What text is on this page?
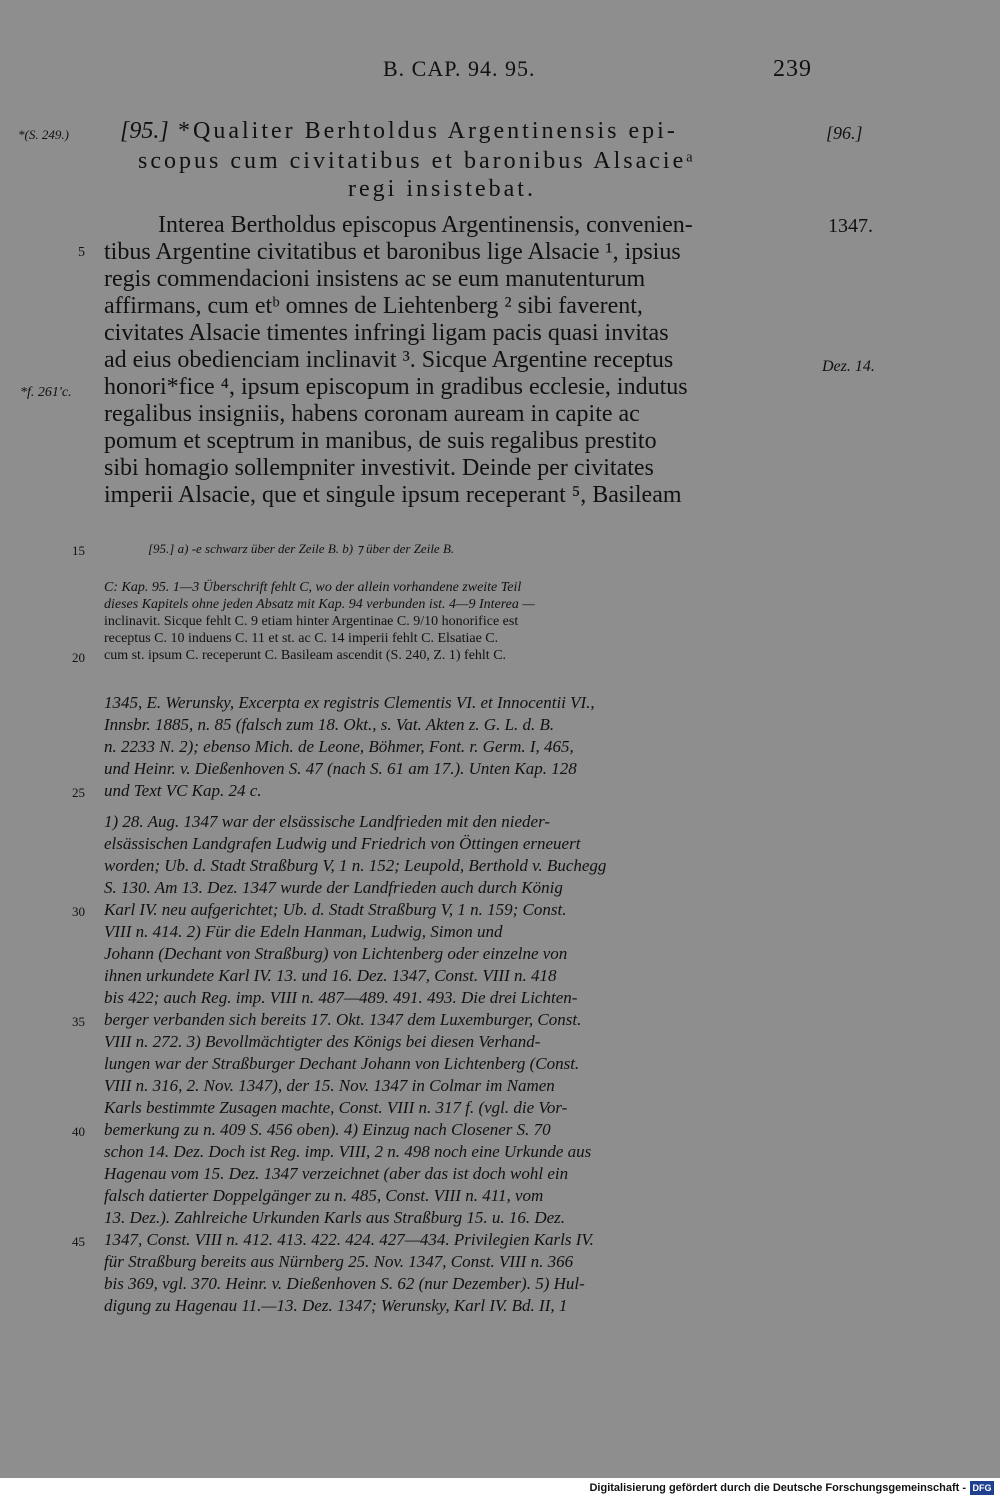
B. CAP. 94. 95.	239
*(S. 249.) [95.]	[96.]
1347.
Dez. 14.
*f. 261'c.
5
*Qualiter Berhtoldus Argentinensis epi-
scopus cum civitatibus et baronibus Alsacieᵃ
regi insistebat.
Interea Bertholdus episcopus Argentinensis, convenien-
tibus Argentine civitatibus et baronibus lige Alsacie ¹, ipsius
regis commendacioni insistens ac se eum manutenturum
affirmans, cum etᵇ omnes de Liehtenberg ² sibi faverent,
civitates Alsacie timentes infringi ligam pacis quasi invitas
ad eius obedienciam inclinavit ³. Sicque Argentine receptus
honori*fice ⁴, ipsum episcopum in gradibus ecclesie, indutus
regalibus insigniis, habens coronam auream in capite ac
pomum et sceptrum in manibus, de suis regalibus prestito
sibi homagio sollempniter investivit. Deinde per civitates
imperii Alsacie, que et singule ipsum receperant ⁵, Basileam
15	[95.] a) -e schwarz über der Zeile B. b) ⁊ über der Zeile B.
C: Kap. 95. 1—3 Überschrift fehlt C, wo der allein vorhandene zweite Teil
dieses Kapitels ohne jeden Absatz mit Kap. 94 verbunden ist. 4—9 Interea —
inclinavit. Sicque fehlt C. 9 etiam hinter Argentinae C. 9/10 honorifice est
receptus C. 10 induens C. 11 et st. ac C. 14 imperii fehlt C. Elsatiae C.
20 cum st. ipsum C. receperunt C. Basileam ascendit (S. 240, Z. 1) fehlt C.
1345, E. Werunsky, Excerpta ex registris Clementis VI. et Innocentii VI.,
Innsbr. 1885, n. 85 (falsch zum 18. Okt., s. Vat. Akten z. G. L. d. B.
n. 2233 N. 2); ebenso Mich. de Leone, Böhmer, Font. r. Germ. I, 465,
und Heinr. v. Dießenhoven S. 47 (nach S. 61 am 17.). Unten Kap. 128
25 und Text VC Kap. 24 c.
1) 28. Aug. 1347 war der elsässische Landfrieden mit den nieder-
elsässischen Landgrafen Ludwig und Friedrich von Öttingen erneuert
worden; Ub. d. Stadt Straßburg V, 1 n. 152; Leupold, Berthold v. Buchegg
S. 130. Am 13. Dez. 1347 wurde der Landfrieden auch durch König
30 Karl IV. neu aufgerichtet; Ub. d. Stadt Straßburg V, 1 n. 159; Const.
VIII n. 414. 2) Für die Edeln Hanman, Ludwig, Simon und
Johann (Dechant von Straßburg) von Lichtenberg oder einzelne von
ihnen urkundete Karl IV. 13. und 16. Dez. 1347, Const. VIII n. 418
bis 422; auch Reg. imp. VIII n. 487—489. 491. 493. Die drei Lichten-
35 berger verbanden sich bereits 17. Okt. 1347 dem Luxemburger, Const.
VIII n. 272. 3) Bevollmächtigter des Königs bei diesen Verhand-
lungen war der Straßburger Dechant Johann von Lichtenberg (Const.
VIII n. 316, 2. Nov. 1347), der 15. Nov. 1347 in Colmar im Namen
Karls bestimmte Zusagen machte, Const. VIII n. 317 f. (vgl. die Vor-
40 bemerkung zu n. 409 S. 456 oben). 4) Einzug nach Closener S. 70
schon 14. Dez. Doch ist Reg. imp. VIII, 2 n. 498 noch eine Urkunde aus
Hagenau vom 15. Dez. 1347 verzeichnet (aber das ist doch wohl ein
falsch datierter Doppelgänger zu n. 485, Const. VIII n. 411, vom
13. Dez.). Zahlreiche Urkunden Karls aus Straßburg 15. u. 16. Dez.
45 1347, Const. VIII n. 412. 413. 422. 424. 427—434. Privilegien Karls IV.
für Straßburg bereits aus Nürnberg 25. Nov. 1347, Const. VIII n. 366
bis 369, vgl. 370. Heinr. v. Dießenhoven S. 62 (nur Dezember). 5) Hul-
digung zu Hagenau 11.—13. Dez. 1347; Werunsky, Karl IV. Bd. II, 1
Digitalisierung gefördert durch die Deutsche Forschungsgemeinschaft - DFG
